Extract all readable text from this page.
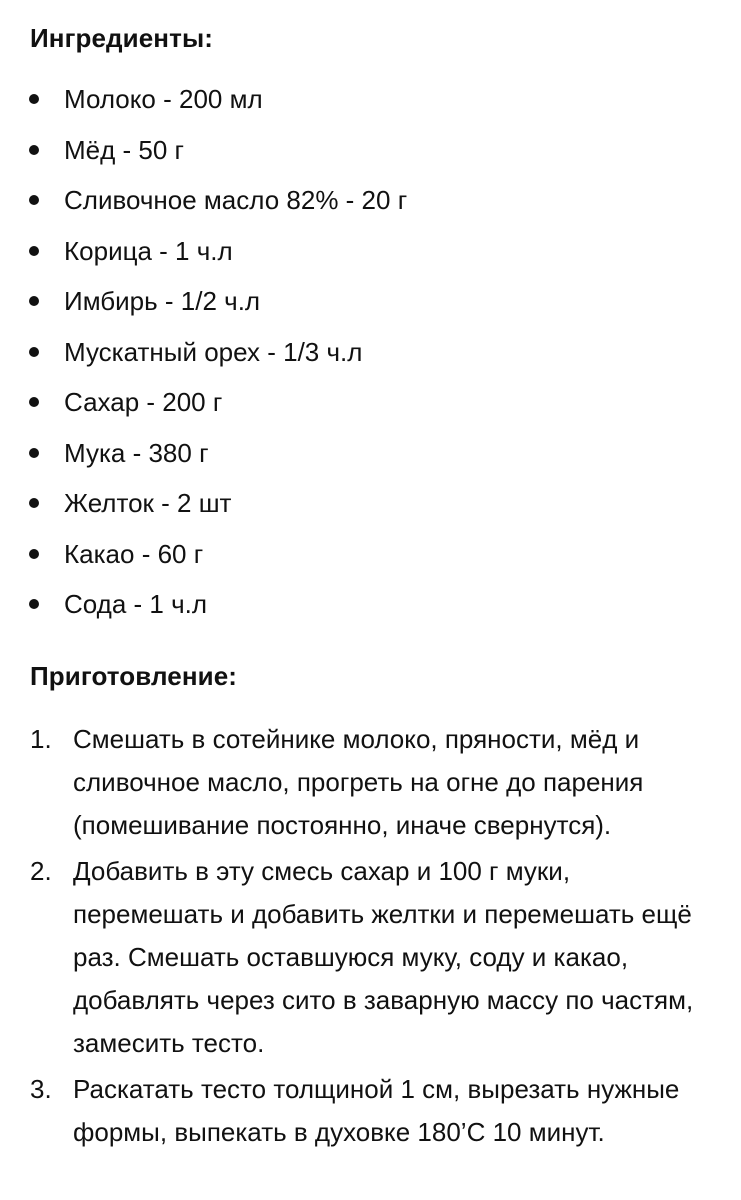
Ингредиенты:
Молоко - 200 мл
Мёд - 50 г
Сливочное масло 82% - 20 г
Корица - 1 ч.л
Имбирь - 1/2 ч.л
Мускатный орех - 1/3 ч.л
Сахар - 200 г
Мука - 380 г
Желток - 2 шт
Какао - 60 г
Сода - 1 ч.л
Приготовление:
1. Смешать в сотейнике молоко, пряности, мёд и сливочное масло, прогреть на огне до парения (помешивание постоянно, иначе свернутся).
2. Добавить в эту смесь сахар и 100 г муки, перемешать и добавить желтки и перемешать ещё раз. Смешать оставшуюся муку, соду и какао, добавлять через сито в заварную массу по частям, замесить тесто.
3. Раскатать тесто толщиной 1 см, вырезать нужные формы, выпекать в духовке 180’С 10 минут.
